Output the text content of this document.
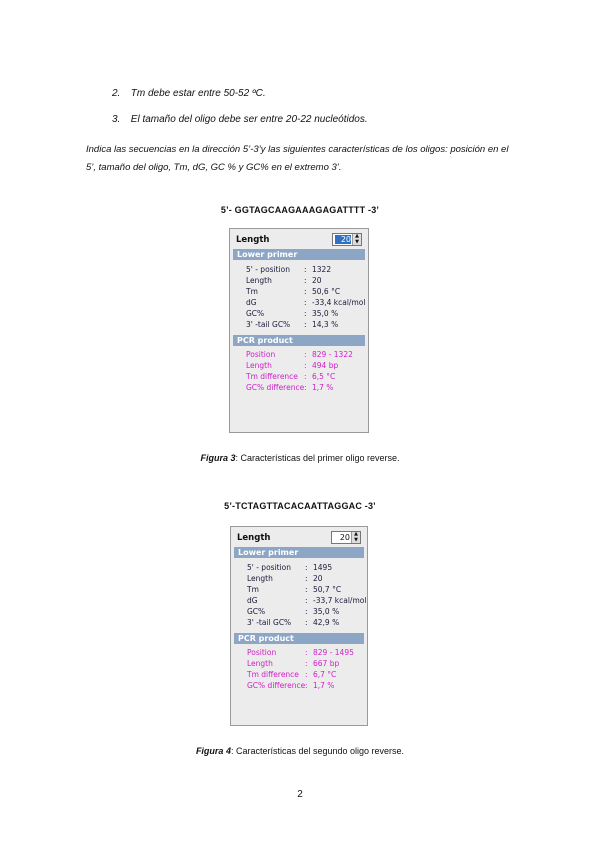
2. Tm debe estar entre 50-52 ºC.
3. El tamaño del oligo debe ser entre 20-22 nucleótidos.
Indica las secuencias en la dirección 5’-3’y las siguientes características de los oligos: posición en el 5’, tamaño del oligo, Tm, dG, GC % y GC% en el extremo 3’.
5’- GGTAGCAAGAAAGAGATTTT -3’
Length	20 ▲
▼
Lower primer
5' - position : 1322
Length	: 20
Tm	: 50,6 °C
dG	: -33,4 kcal/mol
GC%	: 35,0 %
3' -tail GC% : 14,3 %
PCR product
Position	: 829 - 1322
Length	: 494 bp
Tm difference : 6,5 °C
GC% difference: 1,7 %
Figura 3: Características del primer oligo reverse.
5’-TCTAGTTACACAATTAGGAC -3’
Length	20 ▲
▼
Lower primer
5' - position : 1495
Length	: 20
Tm	: 50,7 °C
dG	: -33,7 kcal/mol
GC%	: 35,0 %
3' -tail GC% : 42,9 %
PCR product
Position	: 829 - 1495
Length	: 667 bp
Tm difference : 6,7 °C
GC% difference: 1,7 %
Figura 4: Características del segundo oligo reverse.
2
